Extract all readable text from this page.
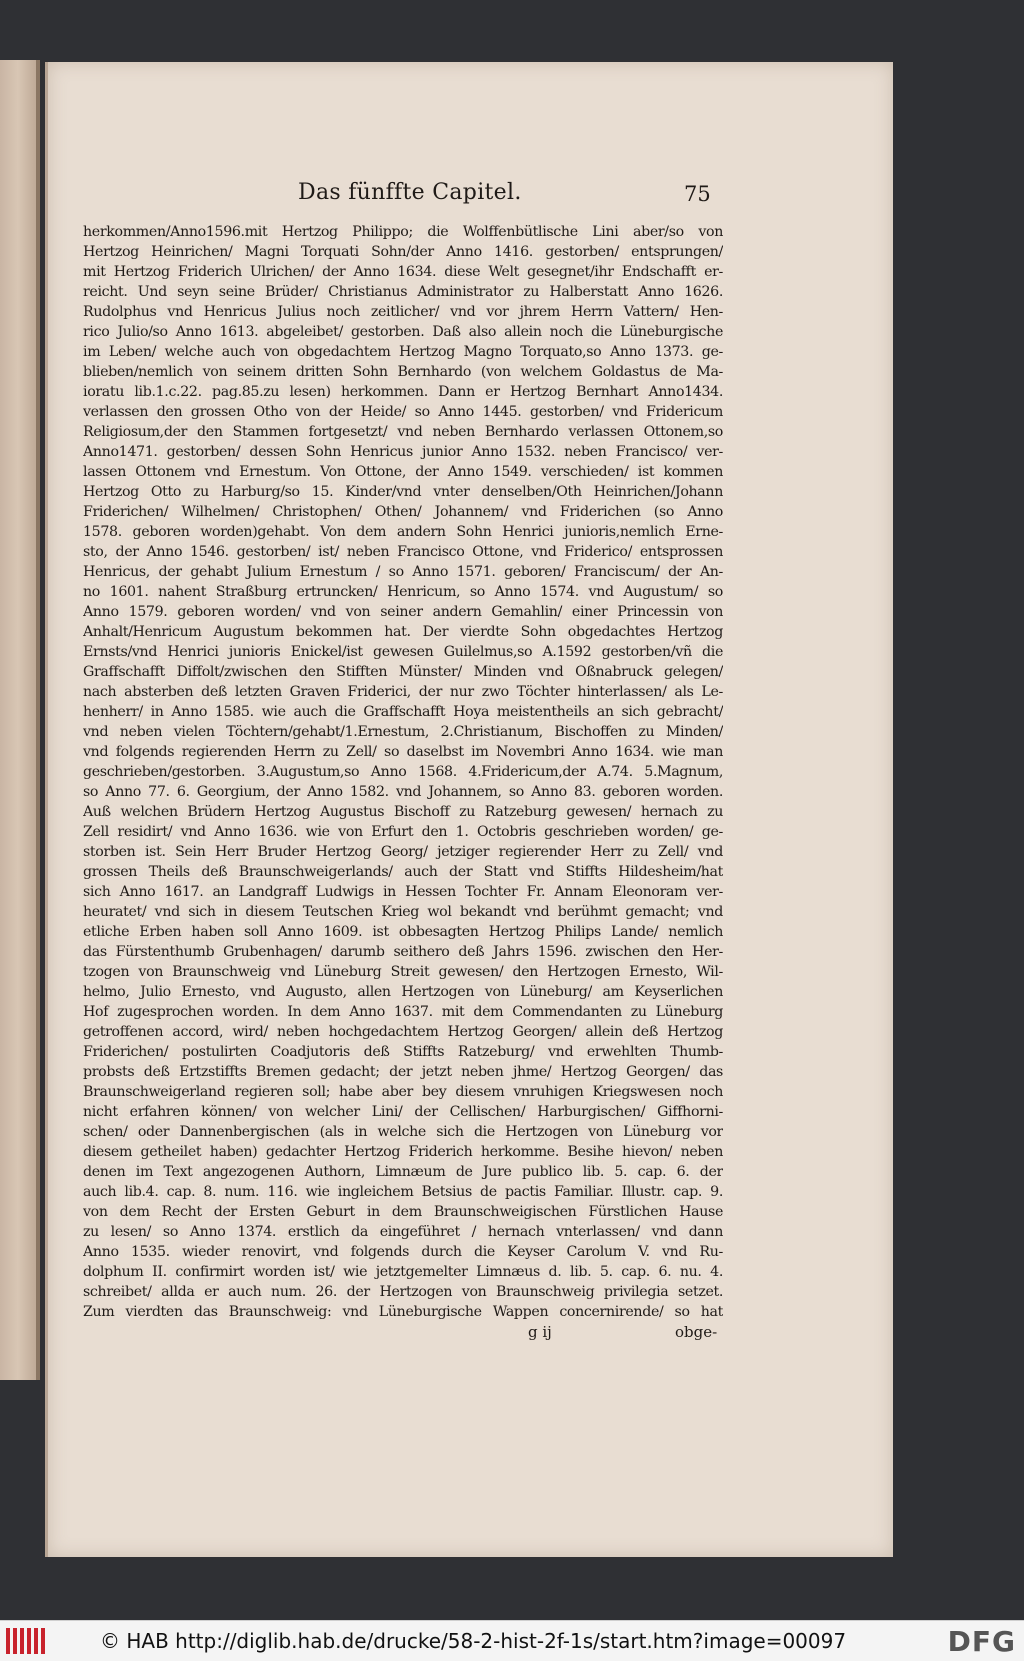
Das fünffte Capitel.	75
herkommen/Anno1596.mit Hertzog Philippo; die Wolffenbütlische Lini aber/so von
Hertzog Heinrichen/ Magni Torquati Sohn/der Anno 1416. gestorben/ entsprungen/
mit Hertzog Friderich Ulrichen/ der Anno 1634. diese Welt gesegnet/ihr Endschafft er-
reicht. Und seyn seine Brüder/ Christianus Administrator zu Halberstatt Anno 1626.
Rudolphus vnd Henricus Julius noch zeitlicher/ vnd vor jhrem Herrn Vattern/ Hen-
rico Julio/so Anno 1613. abgeleibet/ gestorben. Daß also allein noch die Lüneburgische
im Leben/ welche auch von obgedachtem Hertzog Magno Torquato,so Anno 1373. ge-
blieben/nemlich von seinem dritten Sohn Bernhardo (von welchem Goldastus de Ma-
ioratu lib.1.c.22. pag.85.zu lesen) herkommen. Dann er Hertzog Bernhart Anno1434.
verlassen den grossen Otho von der Heide/ so Anno 1445. gestorben/ vnd Fridericum
Religiosum,der den Stammen fortgesetzt/ vnd neben Bernhardo verlassen Ottonem,so
Anno1471. gestorben/ dessen Sohn Henricus junior Anno 1532. neben Francisco/ ver-
lassen Ottonem vnd Ernestum. Von Ottone, der Anno 1549. verschieden/ ist kommen
Hertzog Otto zu Harburg/so 15. Kinder/vnd vnter denselben/Oth Heinrichen/Johann
Friderichen/ Wilhelmen/ Christophen/ Othen/ Johannem/ vnd Friderichen (so Anno
1578. geboren worden)gehabt. Von dem andern Sohn Henrici junioris,nemlich Erne-
sto, der Anno 1546. gestorben/ ist/ neben Francisco Ottone, vnd Friderico/ entsprossen
Henricus, der gehabt Julium Ernestum / so Anno 1571. geboren/ Franciscum/ der An-
no 1601. nahent Straßburg ertruncken/ Henricum, so Anno 1574. vnd Augustum/ so
Anno 1579. geboren worden/ vnd von seiner andern Gemahlin/ einer Princessin von
Anhalt/Henricum Augustum bekommen hat. Der vierdte Sohn obgedachtes Hertzog
Ernsts/vnd Henrici junioris Enickel/ist gewesen Guilelmus,so A.1592 gestorben/vñ die
Graffschafft Diffolt/zwischen den Stifften Münster/ Minden vnd Oßnabruck gelegen/
nach absterben deß letzten Graven Friderici, der nur zwo Töchter hinterlassen/ als Le-
henherr/ in Anno 1585. wie auch die Graffschafft Hoya meistentheils an sich gebracht/
vnd neben vielen Töchtern/gehabt/1.Ernestum, 2.Christianum, Bischoffen zu Minden/
vnd folgends regierenden Herrn zu Zell/ so daselbst im Novembri Anno 1634. wie man
geschrieben/gestorben. 3.Augustum,so Anno 1568. 4.Fridericum,der A.74. 5.Magnum,
so Anno 77. 6. Georgium, der Anno 1582. vnd Johannem, so Anno 83. geboren worden.
Auß welchen Brüdern Hertzog Augustus Bischoff zu Ratzeburg gewesen/ hernach zu
Zell residirt/ vnd Anno 1636. wie von Erfurt den 1. Octobris geschrieben worden/ ge-
storben ist. Sein Herr Bruder Hertzog Georg/ jetziger regierender Herr zu Zell/ vnd
grossen Theils deß Braunschweigerlands/ auch der Statt vnd Stiffts Hildesheim/hat
sich Anno 1617. an Landgraff Ludwigs in Hessen Tochter Fr. Annam Eleonoram ver-
heuratet/ vnd sich in diesem Teutschen Krieg wol bekandt vnd berühmt gemacht; vnd
etliche Erben haben soll Anno 1609. ist obbesagten Hertzog Philips Lande/ nemlich
das Fürstenthumb Grubenhagen/ darumb seithero deß Jahrs 1596. zwischen den Her-
tzogen von Braunschweig vnd Lüneburg Streit gewesen/ den Hertzogen Ernesto, Wil-
helmo, Julio Ernesto, vnd Augusto, allen Hertzogen von Lüneburg/ am Keyserlichen
Hof zugesprochen worden. In dem Anno 1637. mit dem Commendanten zu Lüneburg
getroffenen accord, wird/ neben hochgedachtem Hertzog Georgen/ allein deß Hertzog
Friderichen/ postulirten Coadjutoris deß Stiffts Ratzeburg/ vnd erwehlten Thumb-
probsts deß Ertzstiffts Bremen gedacht; der jetzt neben jhme/ Hertzog Georgen/ das
Braunschweigerland regieren soll; habe aber bey diesem vnruhigen Kriegswesen noch
nicht erfahren können/ von welcher Lini/ der Cellischen/ Harburgischen/ Giffhorni-
schen/ oder Dannenbergischen (als in welche sich die Hertzogen von Lüneburg vor
diesem getheilet haben) gedachter Hertzog Friderich herkomme. Besihe hievon/ neben
denen im Text angezogenen Authorn, Limnæum de Jure publico lib. 5. cap. 6. der
auch lib.4. cap. 8. num. 116. wie ingleichem Betsius de pactis Familiar. Illustr. cap. 9.
von dem Recht der Ersten Geburt in dem Braunschweigischen Fürstlichen Hause
zu lesen/ so Anno 1374. erstlich da eingeführet / hernach vnterlassen/ vnd dann
Anno 1535. wieder renovirt, vnd folgends durch die Keyser Carolum V. vnd Ru-
dolphum II. confirmirt worden ist/ wie jetztgemelter Limnæus d. lib. 5. cap. 6. nu. 4.
schreibet/ allda er auch num. 26. der Hertzogen von Braunschweig privilegia setzet.
Zum vierdten das Braunschweig: vnd Lüneburgische Wappen concernirende/ so hat
g ij	obge-
© HAB http://diglib.hab.de/drucke/58-2-hist-2f-1s/start.htm?image=00097	DFG
